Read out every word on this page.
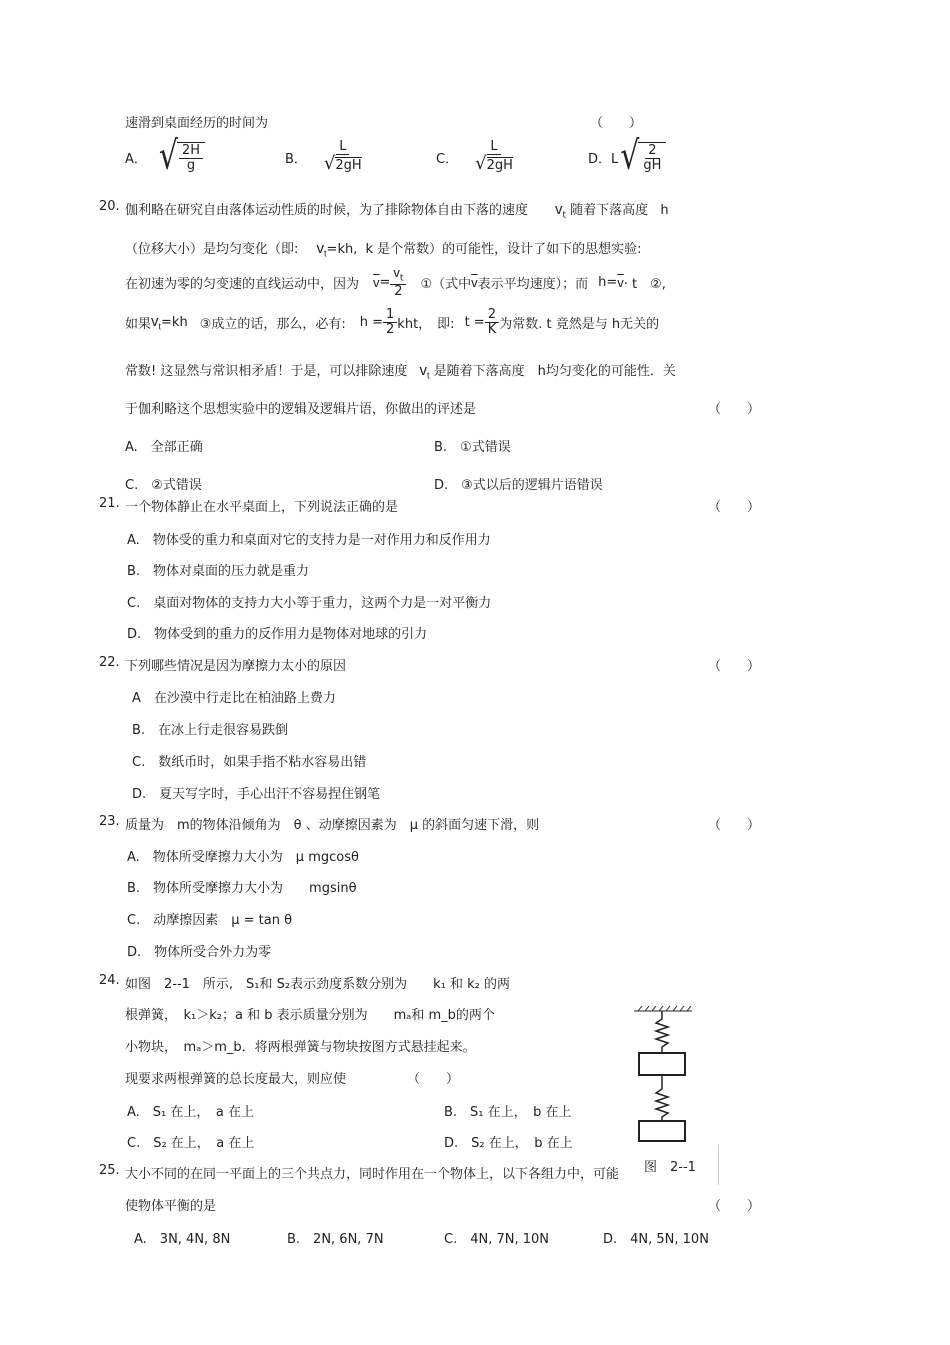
速滑到桌面经历的时间为	（　　）
A． √ $\frac{2H}{g}$	B． $\frac{L}{√2gH}$	C． $\frac{L}{√2gH}$	D．L √ $\frac{2}{gH}$
20. 伽利略在研究自由落体运动性质的时候，为了排除物体自由下落的速度 $v_t$ 随着下落高度 h
（位移大小）是均匀变化（即: $v_t=kh$, k 是个常数）的可能性，设计了如下的思想实验:
在初速为零的匀变速的直线运动中，因为 $\overline{v} = \frac{v_t}{2}$ ①（式中 $\overline{v}$ 表示平均速度）；而 $h= \overline{v} \cdot t$　②,
如果 $v_t =kh$ ③成立的话，那么，必有: $h = \frac{1}{2}$ kht， 即: $t = \frac{2}{K}$ 为常数. t 竟然是与 h无关的
常数! 这显然与常识相矛盾！于是，可以排除速度 $v_t$ 是随着下落高度　h均匀变化的可能性．关
于伽利略这个思想实验中的逻辑及逻辑片语，你做出的评述是	（　　）
A.　全部正确	B.　①式错误
C.　②式错误	D.　③式以后的逻辑片语错误
21. 一个物体静止在水平桌面上，下列说法正确的是	（　　）
A.　物体受的重力和桌面对它的支持力是一对作用力和反作用力
B.　物体对桌面的压力就是重力
C.　桌面对物体的支持力大小等于重力，这两个力是一对平衡力
D.　物体受到的重力的反作用力是物体对地球的引力
22. 下列哪些情况是因为摩擦力太小的原因	（　　）
A　在沙漠中行走比在柏油路上费力
B.　在冰上行走很容易跌倒
C.　数纸币时，如果手指不粘水容易出错
D.　夏天写字时，手心出汗不容易捏住钢笔
23. 质量为　m的物体沿倾角为　θ 、动摩擦因素为　μ 的斜面匀速下滑，则	（　　）
A.　物体所受摩擦力大小为　μ mgcosθ
B.　物体所受摩擦力大小为　　mgsinθ
C.　动摩擦因素　μ = tan θ
D.　物体所受合外力为零
24. 如图　2--1　所示,　S₁和 S₂表示劲度系数分别为　　k₁ 和 k₂ 的两
根弹簧，　k₁＞k₂；a 和 b 表示质量分别为　　mₐ和 m_b的两个
小物块，　mₐ＞m_b．将两根弹簧与物块按图方式悬挂起来。
现要求两根弹簧的总长度最大，则应使	（　　）
A.　S₁ 在上，　a 在上	B.　S₁ 在上，　b 在上
C.　S₂ 在上，　a 在上	D.　S₂ 在上，　b 在上
图　2--1
25. 大小不同的在同一平面上的三个共点力，同时作用在一个物体上，以下各组力中，可能
使物体平衡的是	（　　）
A.　3N, 4N, 8N	B.　2N, 6N, 7N	C.　4N, 7N, 10N	D.　4N, 5N, 10N
